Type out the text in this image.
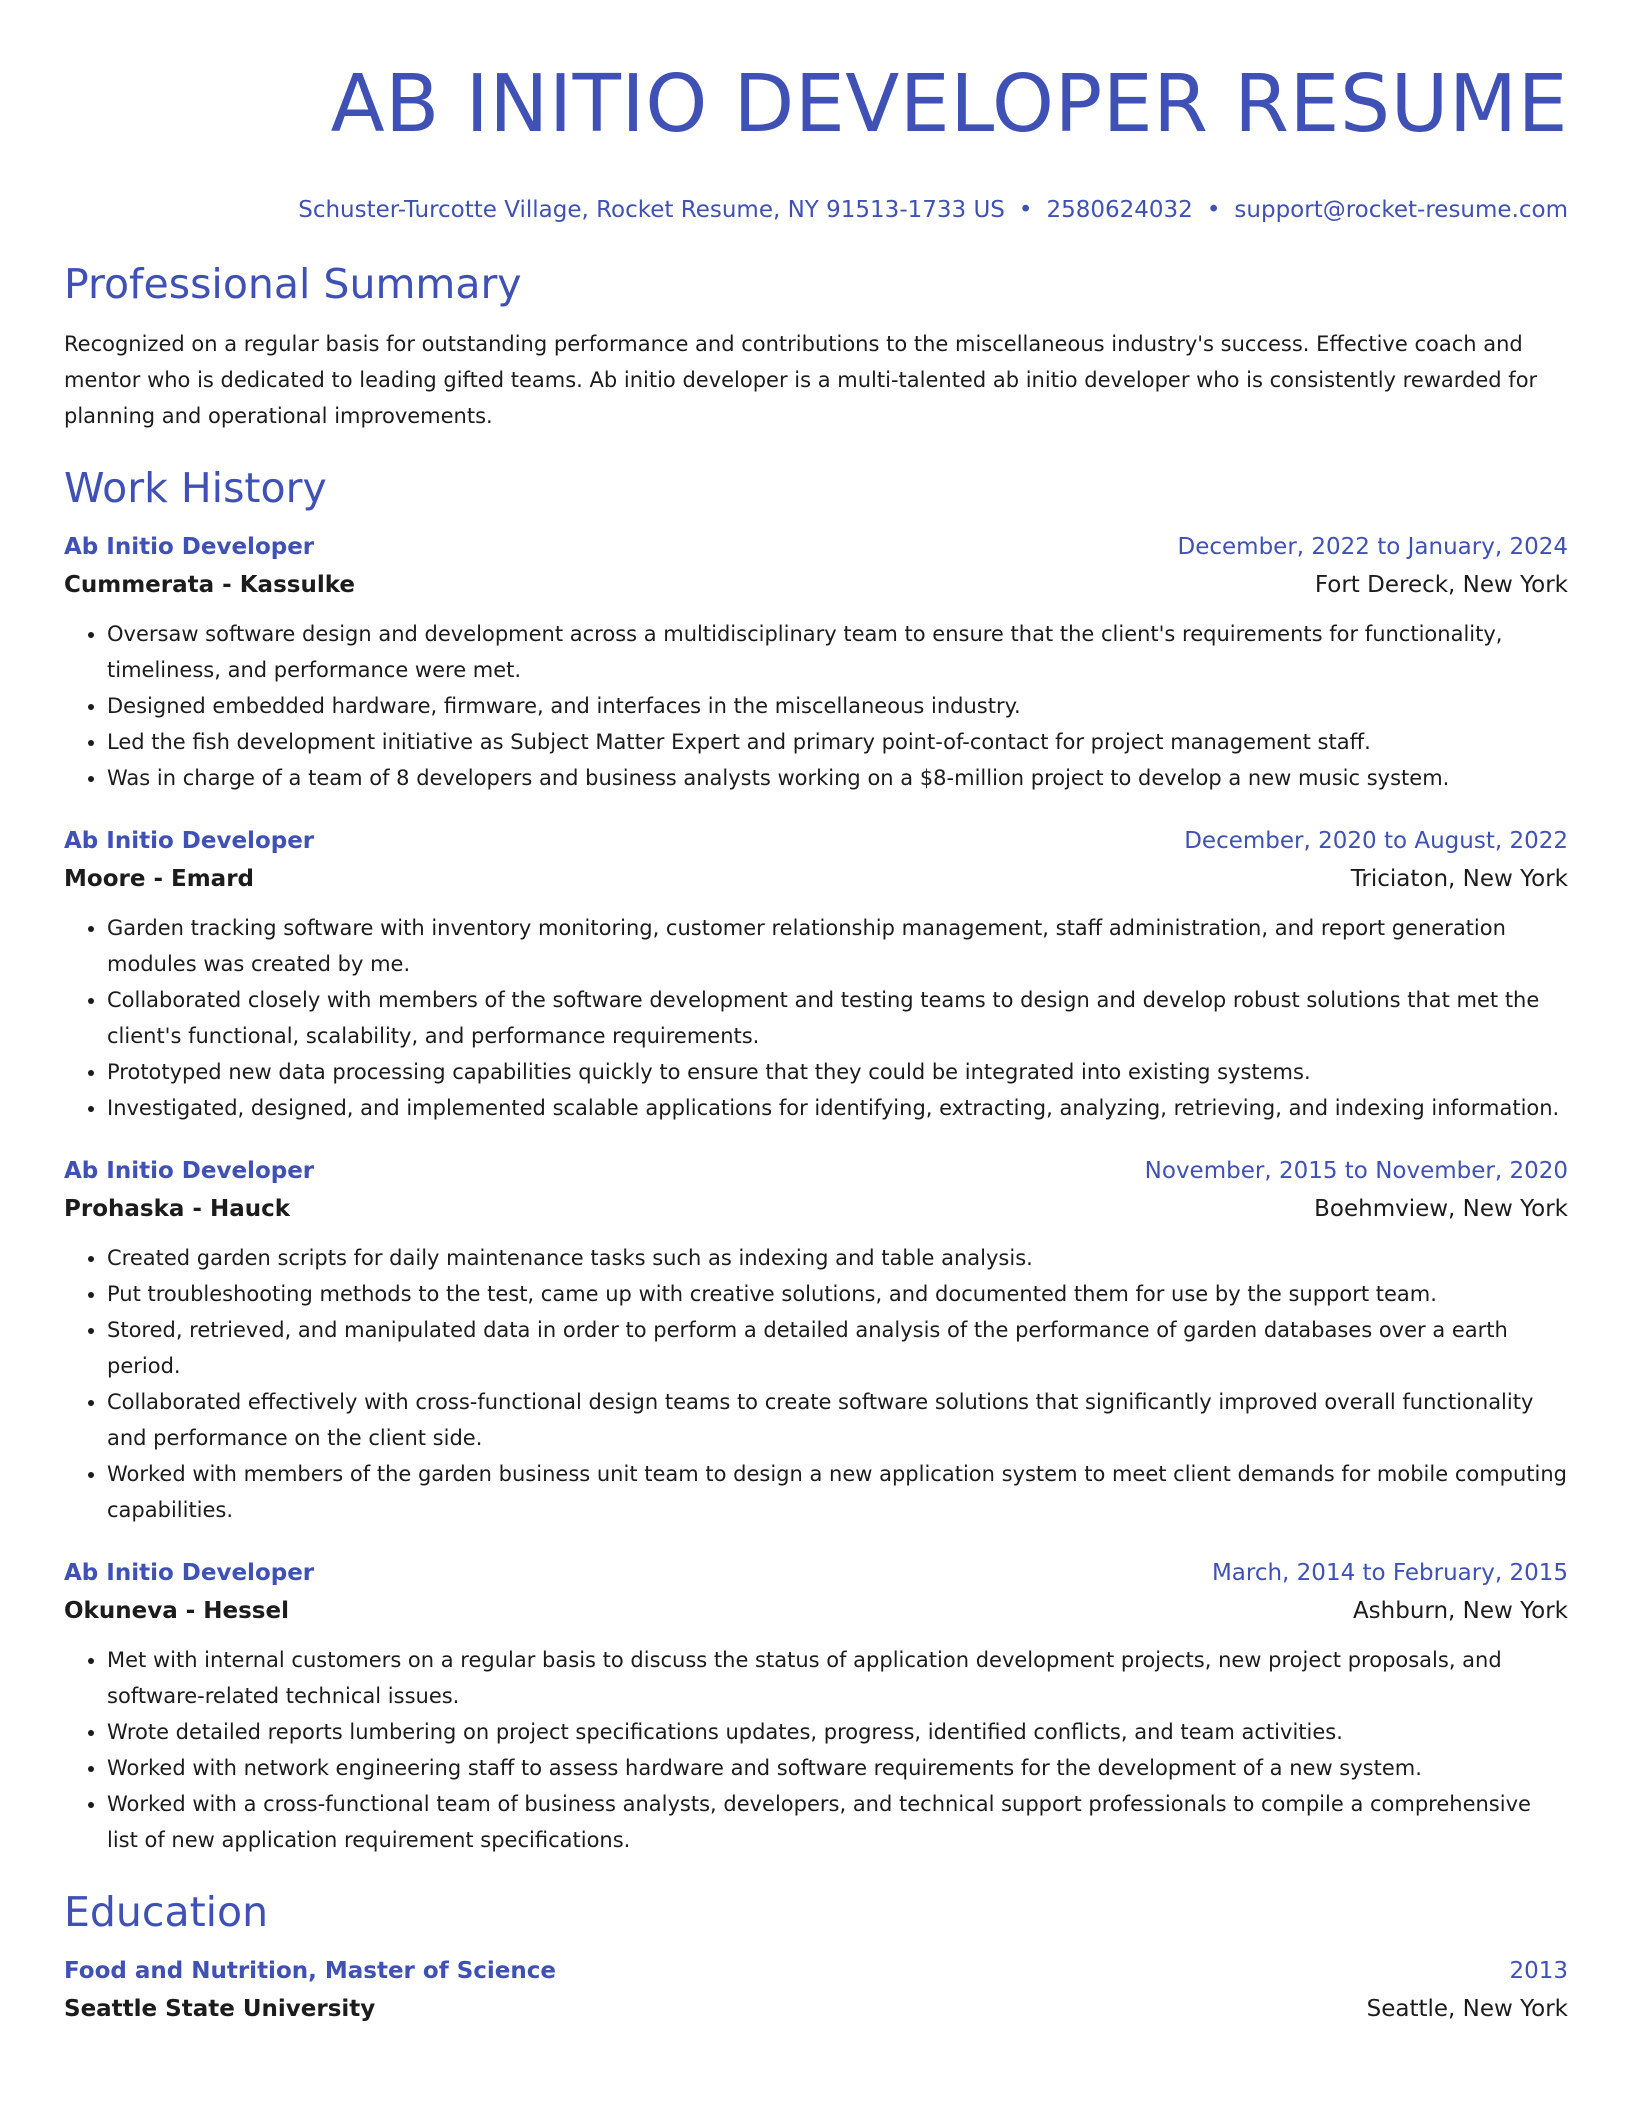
AB INITIO DEVELOPER RESUME
Schuster-Turcotte Village, Rocket Resume, NY 91513-1733 US • 2580624032 • support@rocket-resume.com
Professional Summary

Recognized on a regular basis for outstanding performance and contributions to the miscellaneous industry's success. Effective coach and mentor who is dedicated to leading gifted teams. Ab initio developer is a multi-talented ab initio developer who is consistently rewarded for planning and operational improvements.

Work History
Ab Initio Developer	December, 2022 to January, 2024
Cummerata - Kassulke	Fort Dereck, New York
• Oversaw software design and development across a multidisciplinary team to ensure that the client's requirements for functionality, timeliness, and performance were met.
• Designed embedded hardware, firmware, and interfaces in the miscellaneous industry.
• Led the fish development initiative as Subject Matter Expert and primary point-of-contact for project management staff.
• Was in charge of a team of 8 developers and business analysts working on a $8-million project to develop a new music system.
Ab Initio Developer	December, 2020 to August, 2022
Moore - Emard	Triciaton, New York
• Garden tracking software with inventory monitoring, customer relationship management, staff administration, and report generation modules was created by me.
• Collaborated closely with members of the software development and testing teams to design and develop robust solutions that met the client's functional, scalability, and performance requirements.
• Prototyped new data processing capabilities quickly to ensure that they could be integrated into existing systems.
• Investigated, designed, and implemented scalable applications for identifying, extracting, analyzing, retrieving, and indexing information.
Ab Initio Developer	November, 2015 to November, 2020
Prohaska - Hauck	Boehmview, New York
• Created garden scripts for daily maintenance tasks such as indexing and table analysis.
• Put troubleshooting methods to the test, came up with creative solutions, and documented them for use by the support team.
• Stored, retrieved, and manipulated data in order to perform a detailed analysis of the performance of garden databases over a earth period.
• Collaborated effectively with cross-functional design teams to create software solutions that significantly improved overall functionality and performance on the client side.
• Worked with members of the garden business unit team to design a new application system to meet client demands for mobile computing capabilities.
Ab Initio Developer	March, 2014 to February, 2015
Okuneva - Hessel	Ashburn, New York
• Met with internal customers on a regular basis to discuss the status of application development projects, new project proposals, and software-related technical issues.
• Wrote detailed reports lumbering on project specifications updates, progress, identified conflicts, and team activities.
• Worked with network engineering staff to assess hardware and software requirements for the development of a new system.
• Worked with a cross-functional team of business analysts, developers, and technical support professionals to compile a comprehensive list of new application requirement specifications.
Education
Food and Nutrition, Master of Science	2013
Seattle State University	Seattle, New York
